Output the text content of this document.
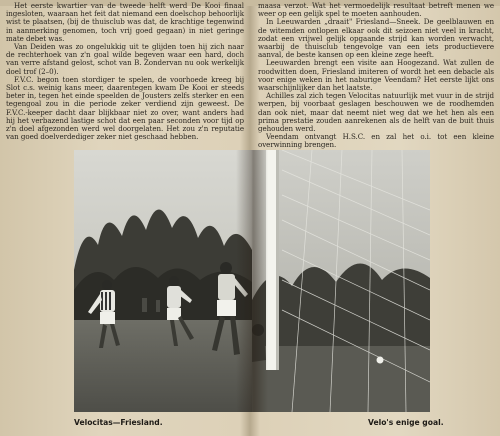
Het eerste kwartier van de tweede helft werd De Kooi finaal ingesloten, waaraan het feit dat niemand een doelschop behoorlijk wist te plaatsen, (bij de thuisclub was dat, de krachtige tegenwind in aanmerking genomen, toch vrij goed gegaan) in niet geringe mate debet was.

Van Deiden was zo ongelukkig uit te glijden toen hij zich naar de rechterhoek van z'n goal wilde begeven waar een hard, doch van verre afstand gelost, schot van B. Zondervan nu ook werkelijk doel trof (2–0).

F.V.C. begon toen stordiger te spelen, de voorhoede kreeg bij Slot c.s. weinig kans meer, daarentegen kwam De Kooi er steeds beter in, tegen het einde speelden de Jousters zelfs sterker en een tegengoal zou in die periode zeker verdiend zijn geweest. De F.V.C.-keeper dacht daar blijkbaar niet zo over, want anders had hij het verbazend lastige schot dat een paar seconden voor tijd op z'n doel afgezonden werd wel doorgelaten. Het zou z'n reputatie van goed doelverdediger zeker niet geschaad hebben.

maasa verzot. Wat het vermoedelijk resultaat betreft menen we weer op een gelijk spel te moeten aanhouden.

In Leeuwarden „draait" Friesland—Sneek. De geelblauwen en de witemden ontlopen elkaar ook dit seizoen niet veel in kracht, zodat een vrijwel gelijk opgaande strijd kan worden verwacht, waarbij de thuisclub tengevolge van een iets productievere aanval, de beste kansen op een kleine zege heeft.

Leeuwarden brengt een visite aan Hoogezand. Wat zullen de roodwitten doen, Friesland imiteren of wordt het een debacle als voor enige weken in het naburige Veendam? Het eerste lijkt ons waarschijnlijker dan het laatste.

Achilles zal zich tegen Velocitas natuurlijk met vuur in de strijd werpen, bij voorbaat geslagen beschouwen we de roodhemden dan ook niet, maar dat neemt niet weg dat we het hen als een prima prestatie zouden aanrekenen als de helft van de buit thuis gehouden werd.

Veendam ontvangt H.S.C. en zal het o.i. tot een kleine overwinning brengen.

Velocitas—Friesland.	Velo's enige goal.
